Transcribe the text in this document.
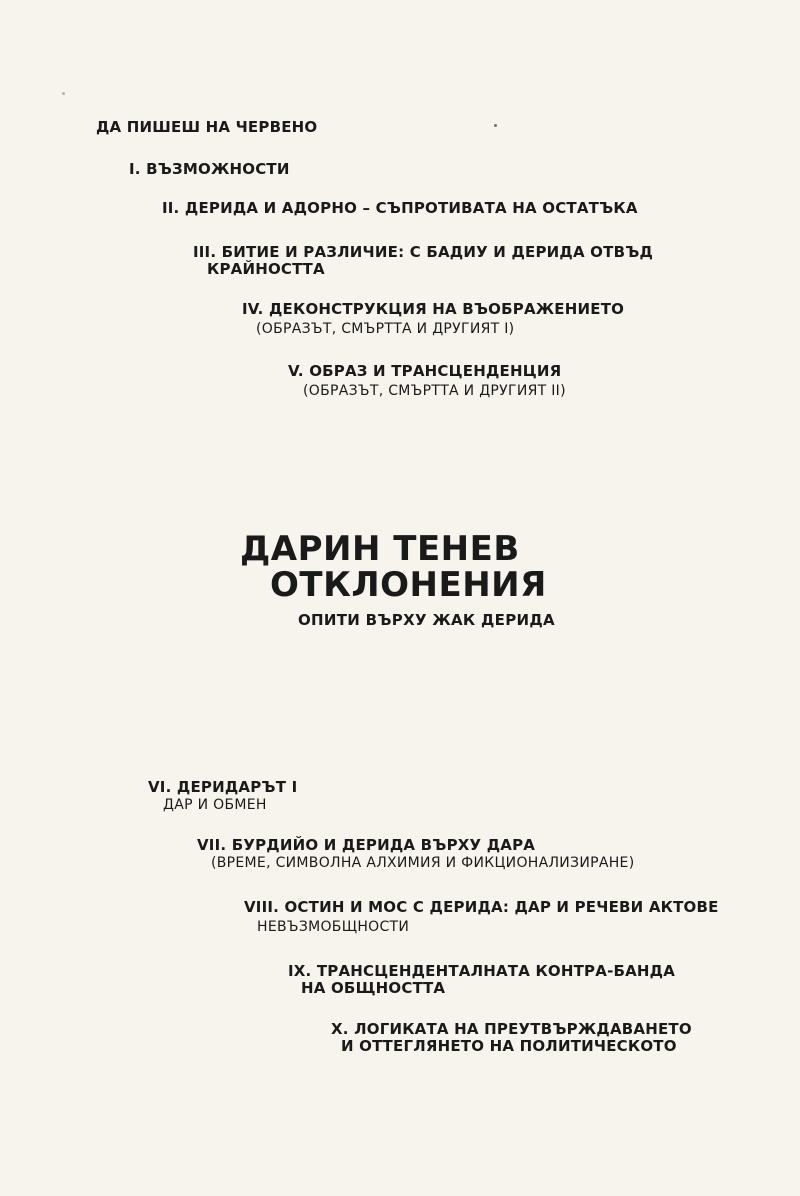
ДА ПИШЕШ НА ЧЕРВЕНО
I. ВЪЗМОЖНОСТИ
II. ДЕРИДА И АДОРНО – СЪПРОТИВАТА НА ОСТАТЪКА
III. БИТИЕ И РАЗЛИЧИЕ: С БАДИУ И ДЕРИДА ОТВЪД
КРАЙНОСТТА
IV. ДЕКОНСТРУКЦИЯ НА ВЪОБРАЖЕНИЕТО
(ОБРАЗЪТ, СМЪРТТА И ДРУГИЯТ I)
V. ОБРАЗ И ТРАНСЦЕНДЕНЦИЯ
(ОБРАЗЪТ, СМЪРТТА И ДРУГИЯТ II)
ДАРИН ТЕНЕВ
ОТКЛОНЕНИЯ
ОПИТИ ВЪРХУ ЖАК ДЕРИДА
VI. ДЕРИДАРЪТ I
ДАР И ОБМЕН
VII. БУРДИЙО И ДЕРИДА ВЪРХУ ДАРА
(ВРЕМЕ, СИМВОЛНА АЛХИМИЯ И ФИКЦИОНАЛИЗИРАНЕ)
VIII. ОСТИН И МОС С ДЕРИДА: ДАР И РЕЧЕВИ АКТОВЕ
НЕВЪЗМОБЩНОСТИ
IX. ТРАНСЦЕНДЕНТАЛНАТА КОНТРА-БАНДА
НА ОБЩНОСТТА
X. ЛОГИКАТА НА ПРЕУТВЪРЖДАВАНЕТО
И ОТТЕГЛЯНЕТО НА ПОЛИТИЧЕСКОТО
